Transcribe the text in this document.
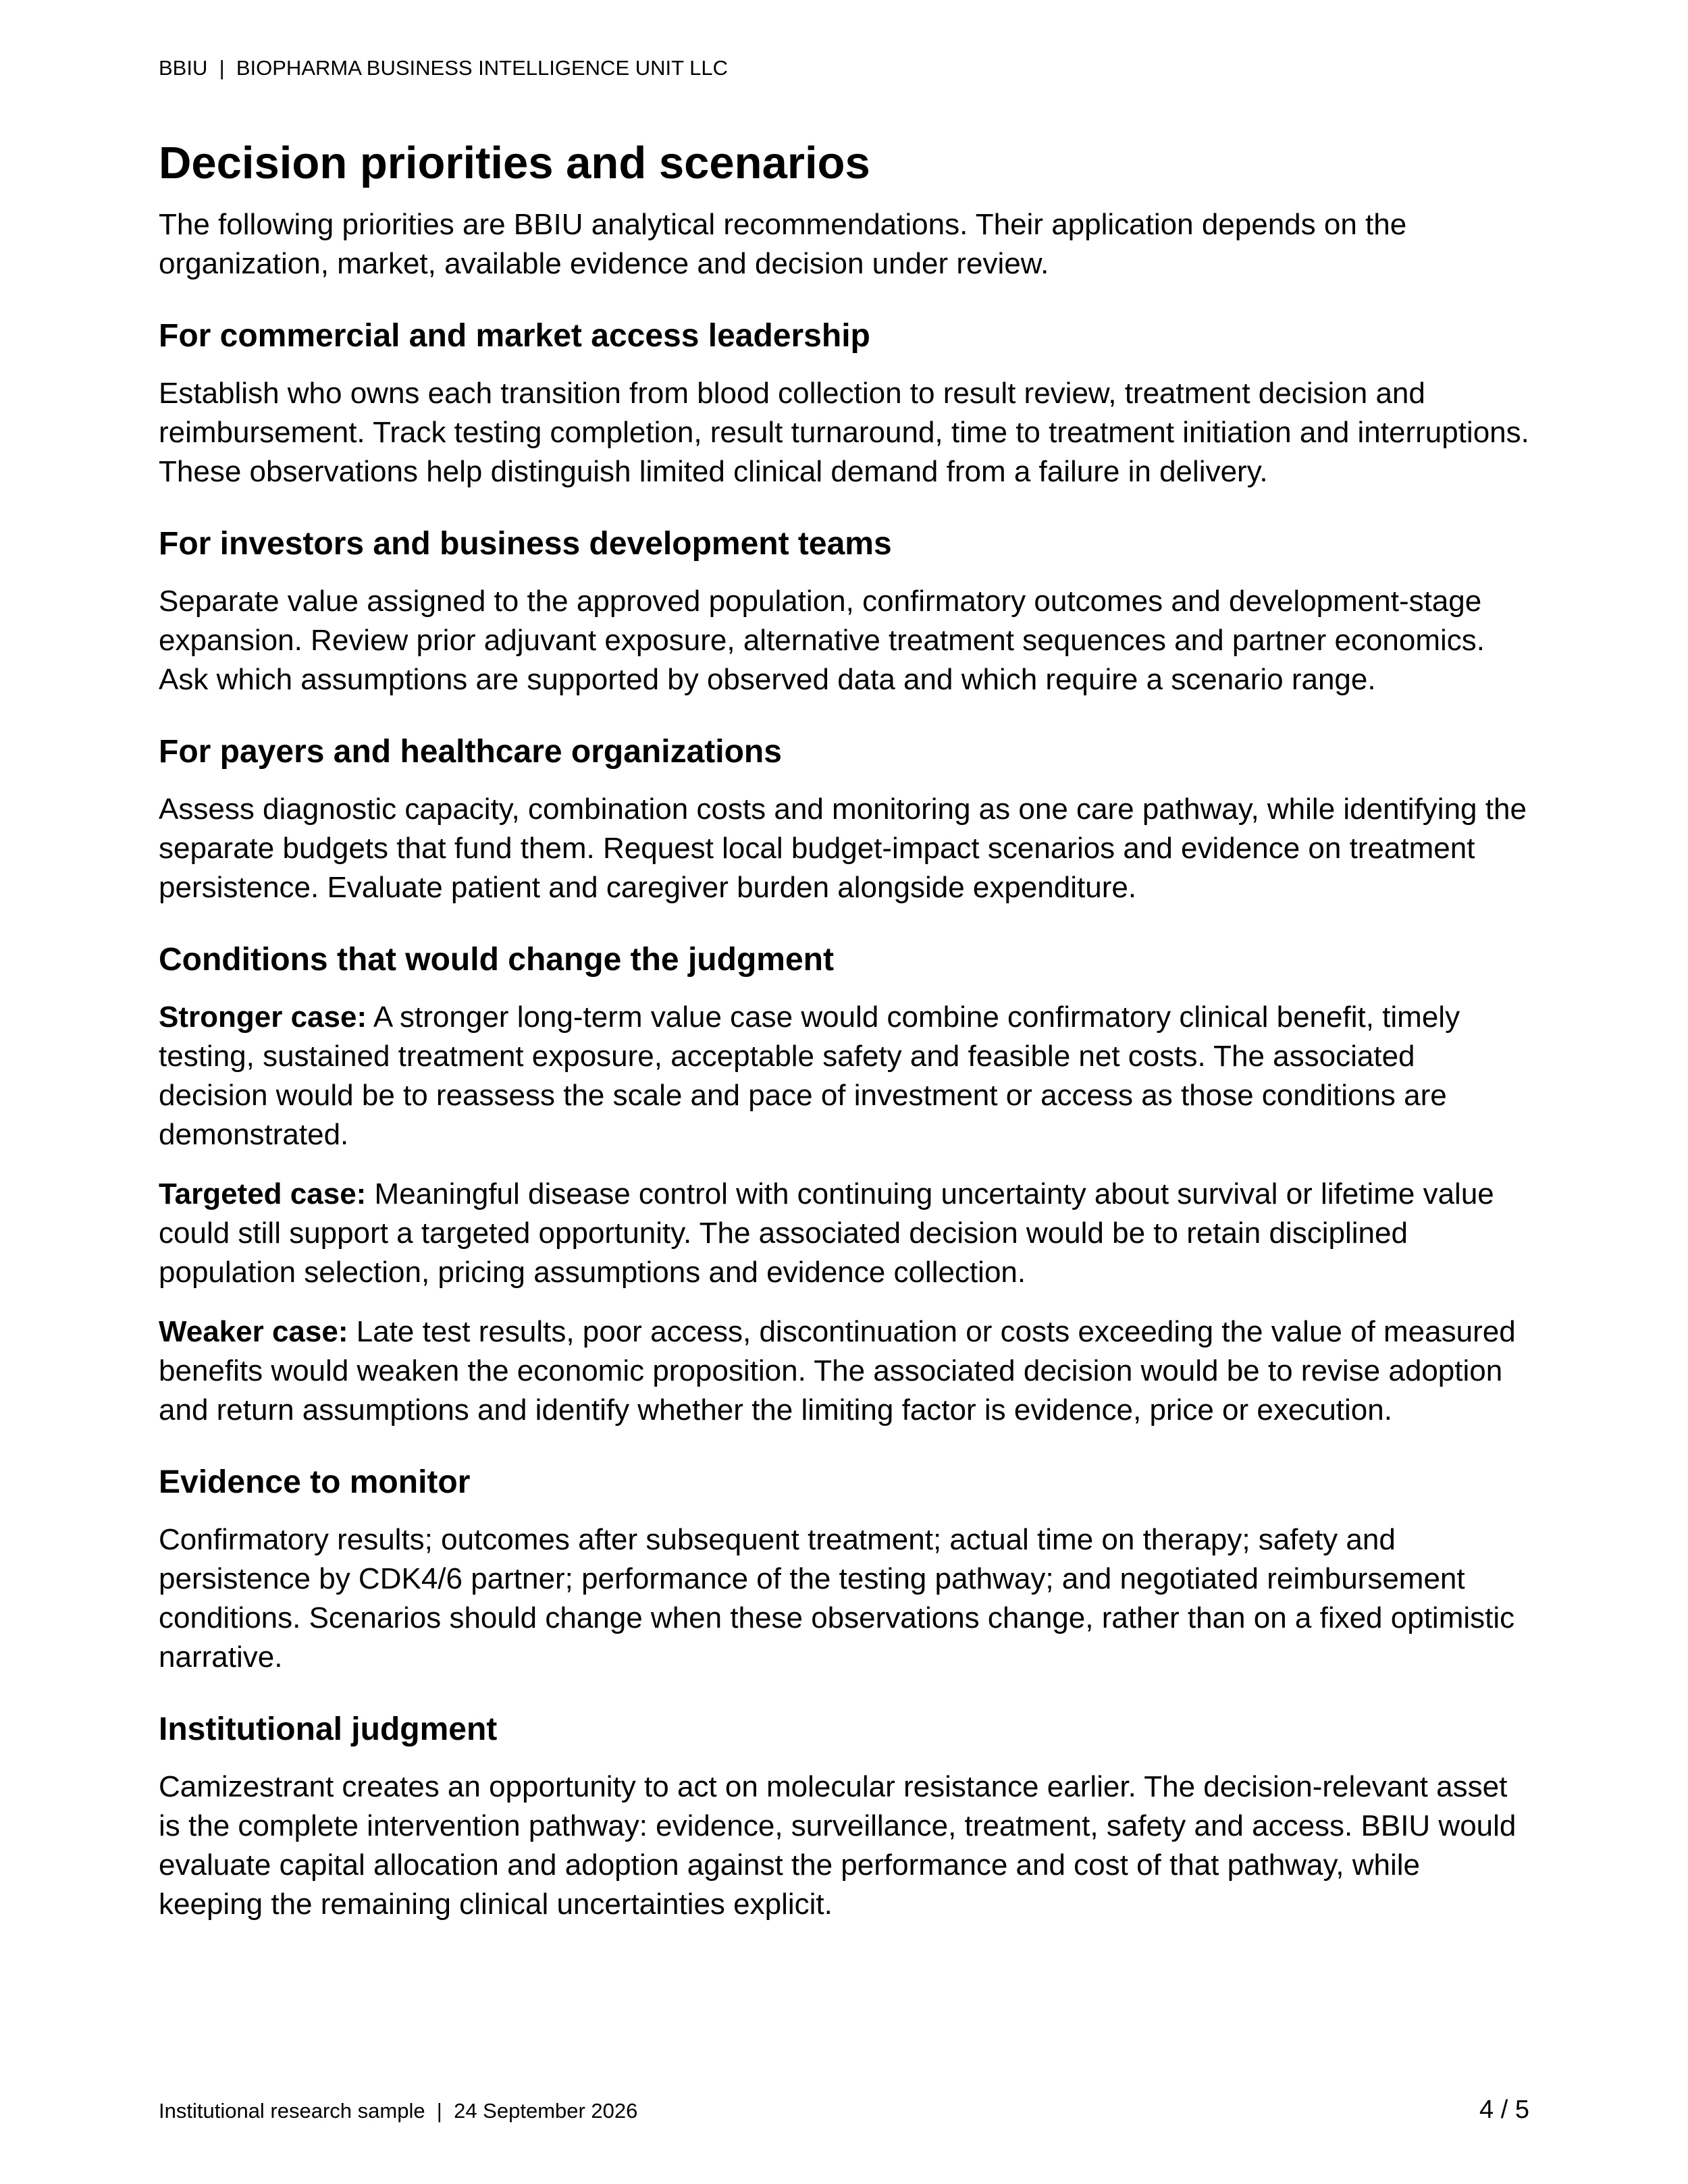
BBIU  |  BIOPHARMA BUSINESS INTELLIGENCE UNIT LLC
Decision priorities and scenarios

The following priorities are BBIU analytical recommendations. Their application depends on the organization, market, available evidence and decision under review.

For commercial and market access leadership

Establish who owns each transition from blood collection to result review, treatment decision and reimbursement. Track testing completion, result turnaround, time to treatment initiation and interruptions. These observations help distinguish limited clinical demand from a failure in delivery.

For investors and business development teams

Separate value assigned to the approved population, confirmatory outcomes and development-stage expansion. Review prior adjuvant exposure, alternative treatment sequences and partner economics. Ask which assumptions are supported by observed data and which require a scenario range.

For payers and healthcare organizations

Assess diagnostic capacity, combination costs and monitoring as one care pathway, while identifying the separate budgets that fund them. Request local budget-impact scenarios and evidence on treatment persistence. Evaluate patient and caregiver burden alongside expenditure.

Conditions that would change the judgment

Stronger case: A stronger long-term value case would combine confirmatory clinical benefit, timely testing, sustained treatment exposure, acceptable safety and feasible net costs. The associated decision would be to reassess the scale and pace of investment or access as those conditions are demonstrated.

Targeted case: Meaningful disease control with continuing uncertainty about survival or lifetime value could still support a targeted opportunity. The associated decision would be to retain disciplined population selection, pricing assumptions and evidence collection.

Weaker case: Late test results, poor access, discontinuation or costs exceeding the value of measured benefits would weaken the economic proposition. The associated decision would be to revise adoption and return assumptions and identify whether the limiting factor is evidence, price or execution.

Evidence to monitor

Confirmatory results; outcomes after subsequent treatment; actual time on therapy; safety and persistence by CDK4/6 partner; performance of the testing pathway; and negotiated reimbursement conditions. Scenarios should change when these observations change, rather than on a fixed optimistic narrative.

Institutional judgment

Camizestrant creates an opportunity to act on molecular resistance earlier. The decision-relevant asset is the complete intervention pathway: evidence, surveillance, treatment, safety and access. BBIU would evaluate capital allocation and adoption against the performance and cost of that pathway, while keeping the remaining clinical uncertainties explicit.

Institutional research sample  |  24 September 2026	4 / 5
